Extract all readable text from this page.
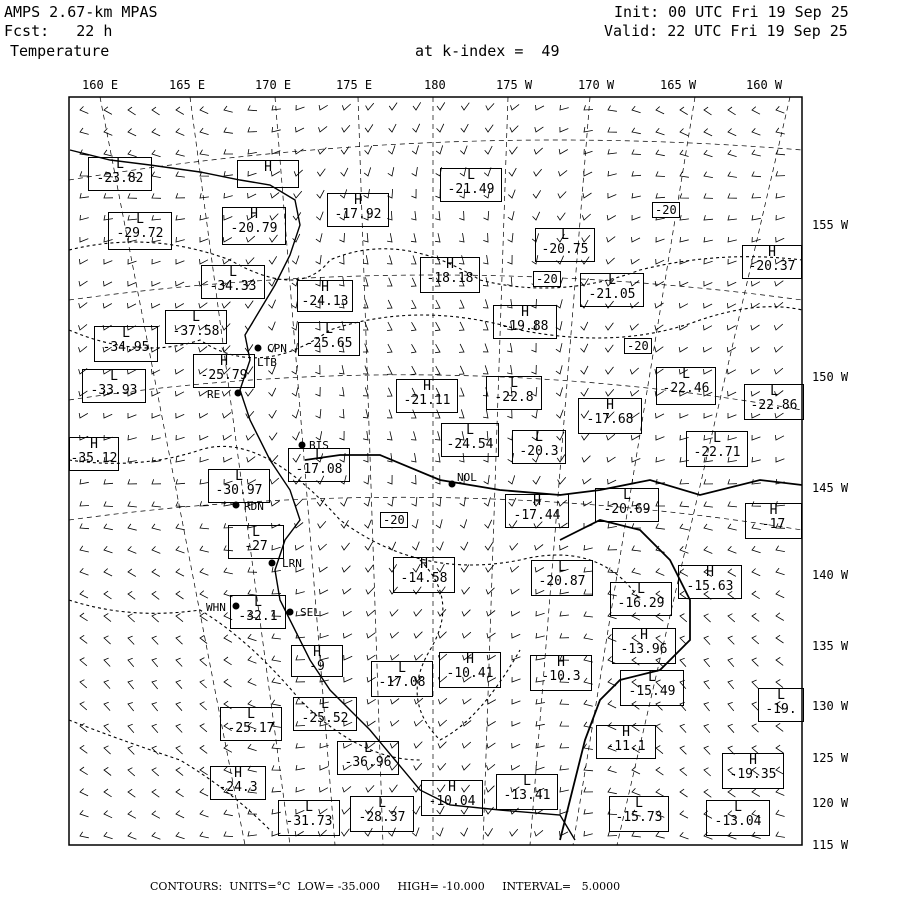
AMPS 2.67-km MPAS
Fcst:   22 h
Temperature	at k-index =  49
Init: 00 UTC Fri 19 Sep 25
Valid: 22 UTC Fri 19 Sep 25
160 E	165 E	170 E	175 E	180	175 W	170 W	165 W	160 W
155 W
150 W
145 W
140 W
135 W
130 W
125 W
120 W
115 W
CPN
LTB
RE
BIS
NOL
RDN
LRN
WHN	SEL
-20
-20
-20
-20
L
-23.82
H
H
-17.92
L
-21.49
L
-29.72
H
-20.79	L
-20.75	H
-20.37
L
-34.33	H
-24.13
H
-18.18	L
-21.05
L
-37.58
L
-34.95
L
-25.65
H
-19.88
H
-25.79
L
-33.93	H
-21.11
L
-22.8
L
-22.46	L
-22.86
H
-17.68
H
-35.12
L
-24.54	L
-20.3
L
-22.71
L
-17.08
L
-30.97
H
-17.44
L
-20.69	H
-17
L
-27
H
-14.58
L
-20.87
H
-15.63
L
-16.29
L
-32.1
H
-13.96
H
-9	L
-17.08
H
-10.41
H
-10.3	L
-15.49	L
-19.
L
-25.17
L
-25.52
H
-11.1
L
-36.96	H
-19.35
H
-24.3	H
-10.04
L
-13.41
L
-31.73
L
-28.37
L
-15.73
L
-13.04
CONTOURS:  UNITS=°C  LOW= -35.000     HIGH= -10.000     INTERVAL=   5.0000
